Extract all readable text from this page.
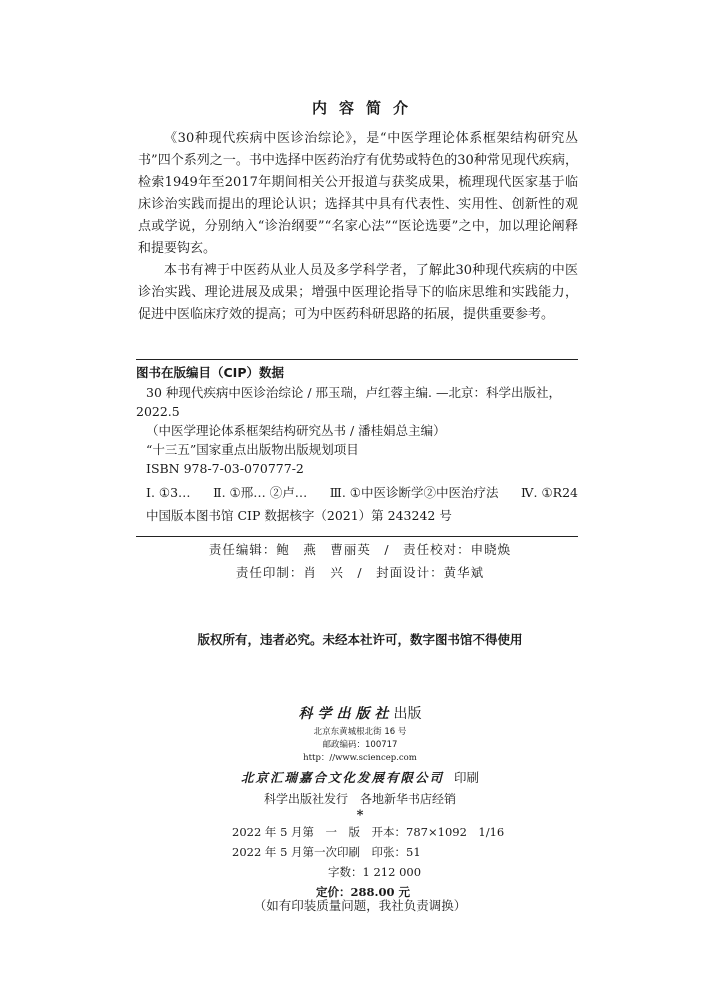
内容简介

《30种现代疾病中医诊治综论》，是“中医学理论体系框架结构研究丛书”四个系列之一。书中选择中医药治疗有优势或特色的30种常见现代疾病，检索1949年至2017年期间相关公开报道与获奖成果，梳理现代医家基于临床诊治实践而提出的理论认识；选择其中具有代表性、实用性、创新性的观点或学说，分别纳入“诊治纲要”“名家心法”“医论选要”之中，加以理论阐释和提要钩玄。

本书有裨于中医药从业人员及多学科学者，了解此30种现代疾病的中医诊治实践、理论进展及成果；增强中医理论指导下的临床思维和实践能力，促进中医临床疗效的提高；可为中医药科研思路的拓展，提供重要参考。

图书在版编目（CIP）数据
30 种现代疾病中医诊治综论 / 邢玉瑞，卢红蓉主编. —北京：科学出版社，2022.5
（中医学理论体系框架结构研究丛书 / 潘桂娟总主编）
“十三五”国家重点出版物出版规划项目
ISBN 978-7-03-070777-2
Ⅰ. ①3… Ⅱ. ①邢… ②卢… Ⅲ. ①中医诊断学②中医治疗法 Ⅳ. ①R24
中国版本图书馆 CIP 数据核字（2021）第 243242 号
责任编辑：鲍　燕　曹丽英　/　责任校对：申晓焕
责任印制：肖　兴　/　封面设计：黄华斌
版权所有，违者必究。未经本社许可，数字图书馆不得使用
科学出版社出版
北京东黄城根北街 16 号
邮政编码：100717
http：//www.sciencep.com
北京汇瑞嘉合文化发展有限公司 印刷
科学出版社发行　各地新华书店经销
*
2022 年 5 月第　一　版　开本：787×1092　1/16
2022 年 5 月第一次印刷　印张：51
字数：1 212 000
定价：288.00 元
（如有印装质量问题，我社负责调换）
